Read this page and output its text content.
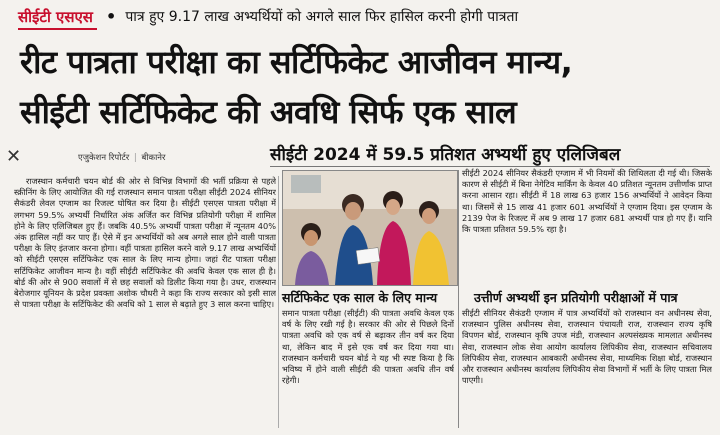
सीईटी एसएस • पात्र हुए 9.17 लाख अभ्यर्थियों को अगले साल फिर हासिल करनी होगी पात्रता
रीट पात्रता परीक्षा का सर्टिफिकेट आजीवन मान्य,
सीईटी सर्टिफिकेट की अवधि सिर्फ एक साल
✕	एजुकेशन रिपोर्टर | बीकानेर	सीईटी 2024 में 59.5 प्रतिशत अभ्यर्थी हुए एलिजिबल

राजस्थान कर्मचारी चयन बोर्ड की ओर से विभिन्न विभागों की भर्ती प्रक्रिया से पहले स्क्रीनिंग के लिए आयोजित की गई राजस्थान समान पात्रता परीक्षा सीईटी 2024 सीनियर सैकंडरी लेवल एग्जाम का रिजल्ट घोषित कर दिया है। सीईटी एसएस पात्रता परीक्षा में लगभग 59.5% अभ्यर्थी निर्धारित अंक अर्जित कर विभिन्न प्रतियोगी परीक्षा में शामिल होने के लिए एलिजिबल हुए हैं। जबकि 40.5% अभ्यर्थी पात्रता परीक्षा में न्यूनतम 40% अंक हासिल नहीं कर पाए हैं। ऐसे में इन अभ्यर्थियों को अब अगले साल होने वाली पात्रता परीक्षा के लिए इंतजार करना होगा। वहीं पात्रता हासिल करने वाले 9.17 लाख अभ्यर्थियों को सीईटी एसएस सर्टिफिकेट एक साल के लिए मान्य होगा। जहां रीट पात्रता परीक्षा सर्टिफिकेट आजीवन मान्य है। वहीं सीईटी सर्टिफिकेट की अवधि केवल एक साल ही है। बोर्ड की ओर से 900 सवालों में से छह सवालों को डिलीट किया गया है। उधर, राजस्थान बेरोजगार यूनियन के प्रदेश प्रवक्ता अशोक चौधरी ने कहा कि राज्य सरकार को इसी साल से पात्रता परीक्षा के सर्टिफिकेट की अवधि को 1 साल से बढ़ाते हुए 3 साल करना चाहिए।

सीईटी 2024 सीनियर सैकंडरी एग्जाम में भी नियमों की शिथिलता दी गई थी। जिसके कारण से सीईटी में बिना नेगेटिव मार्किंग के केवल 40 प्रतिशत न्यूनतम उत्तीर्णांक प्राप्त करना आसान रहा। सीईटी में 18 लाख 63 हजार 156 अभ्यर्थियों ने आवेदन किया था। जिसमें से 15 लाख 41 हजार 601 अभ्यर्थियों ने एग्जाम दिया। इस एग्जाम के 2139 पेज के रिजल्ट में अब 9 लाख 17 हजार 681 अभ्यर्थी पात्र हो गए हैं। यानि कि पात्रता प्रतिशत 59.5% रहा है।

सर्टिफिकेट एक साल के लिए मान्य

समान पात्रता परीक्षा (सीईटी) की पात्रता अवधि केवल एक वर्ष के लिए रखी गई है। सरकार की ओर से पिछले दिनों पात्रता अवधि को एक वर्ष से बढ़ाकर तीन वर्ष कर दिया था, लेकिन बाद में इसे एक वर्ष कर दिया गया था। राजस्थान कर्मचारी चयन बोर्ड ने यह भी स्पष्ट किया है कि भविष्य में होने वाली सीईटी की पात्रता अवधि तीन वर्ष रहेगी।

उत्तीर्ण अभ्यर्थी इन प्रतियोगी परीक्षाओं में पात्र

सीईटी सीनियर सैकंडरी एग्जाम में पात्र अभ्यर्थियों को राजस्थान वन अधीनस्थ सेवा, राजस्थान पुलिस अधीनस्थ सेवा, राजस्थान पंचायती राज, राजस्थान राज्य कृषि विपणन बोर्ड, राजस्थान कृषि उपज मंडी, राजस्थान अल्पसंख्यक मामलात अधीनस्थ सेवा, राजस्थान लोक सेवा आयोग कार्यालय लिपिकीय सेवा, राजस्थान सचिवालय लिपिकीय सेवा, राजस्थान आबकारी अधीनस्थ सेवा, माध्यमिक शिक्षा बोर्ड, राजस्थान और राजस्थान अधीनस्थ कार्यालय लिपिकीय सेवा विभागों में भर्ती के लिए पात्रता मिल पाएगी।
